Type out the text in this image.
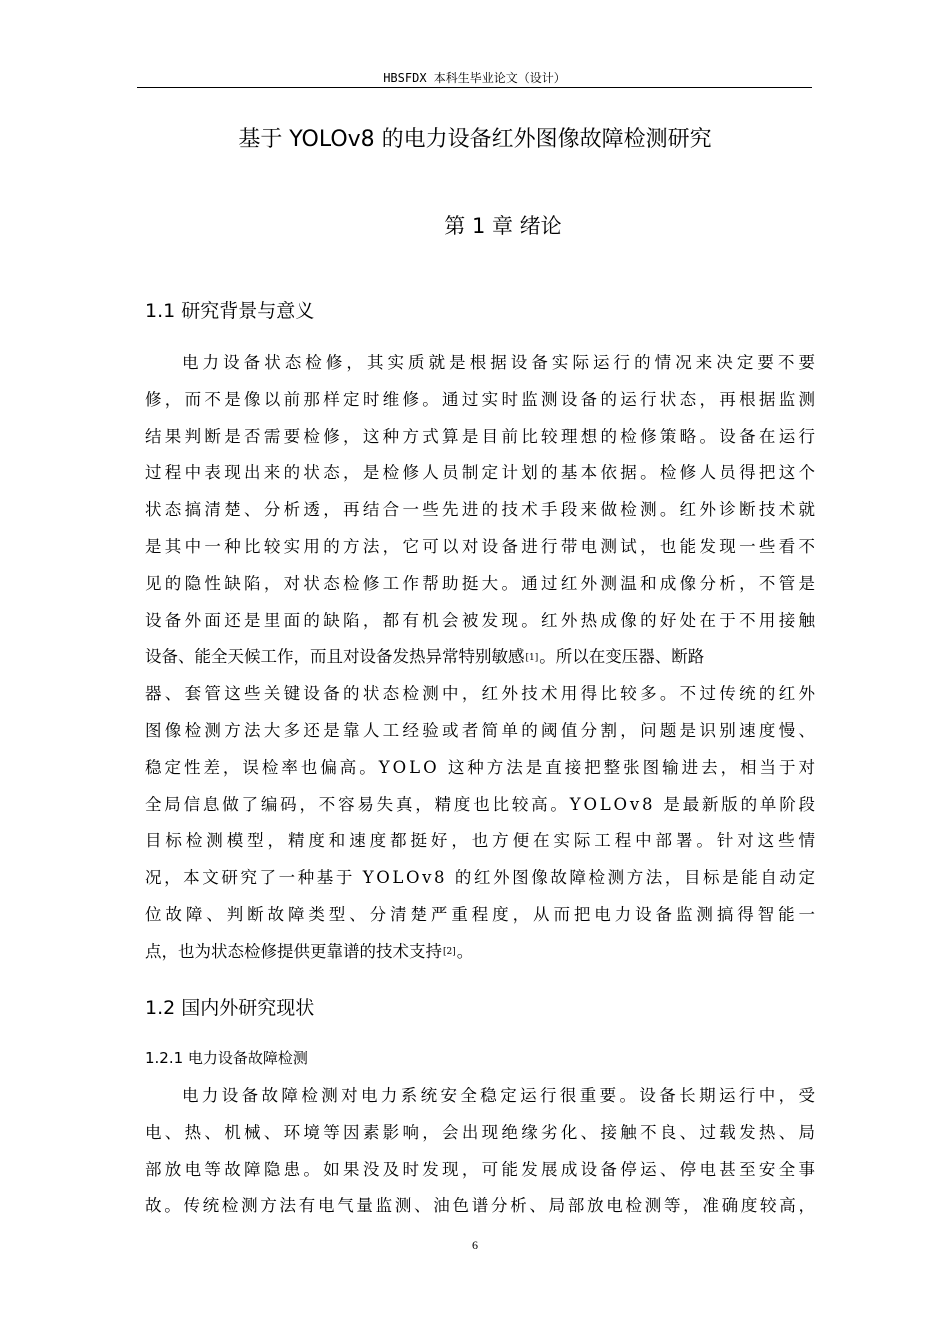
HBSFDX 本科生毕业论文（设计）
基于 YOLOv8 的电力设备红外图像故障检测研究
第 1 章 绪论
1.1 研究背景与意义
电力设备状态检修，其实质就是根据设备实际运行的情况来决定要不要
修，而不是像以前那样定时维修。通过实时监测设备的运行状态，再根据监测
结果判断是否需要检修，这种方式算是目前比较理想的检修策略。设备在运行
过程中表现出来的状态，是检修人员制定计划的基本依据。检修人员得把这个
状态搞清楚、分析透，再结合一些先进的技术手段来做检测。红外诊断技术就
是其中一种比较实用的方法，它可以对设备进行带电测试，也能发现一些看不
见的隐性缺陷，对状态检修工作帮助挺大。通过红外测温和成像分析，不管是
设备外面还是里面的缺陷，都有机会被发现。红外热成像的好处在于不用接触
设备、能全天候工作，而且对设备发热异常特别敏感 [1] 。所以在变压器、断路
器、套管这些关键设备的状态检测中，红外技术用得比较多。不过传统的红外
图像检测方法大多还是靠人工经验或者简单的阈值分割，问题是识别速度慢、
稳定性差，误检率也偏高。YOLO 这种方法是直接把整张图输进去，相当于对
全局信息做了编码，不容易失真，精度也比较高。YOLOv8 是最新版的单阶段
目标检测模型，精度和速度都挺好，也方便在实际工程中部署。针对这些情
况，本文研究了一种基于 YOLOv8 的红外图像故障检测方法，目标是能自动定
位故障、判断故障类型、分清楚严重程度，从而把电力设备监测搞得智能一
点，也为状态检修提供更靠谱的技术支持 [2] 。
1.2 国内外研究现状
1.2.1 电力设备故障检测
电力设备故障检测对电力系统安全稳定运行很重要。设备长期运行中，受
电、热、机械、环境等因素影响，会出现绝缘劣化、接触不良、过载发热、局
部放电等故障隐患。如果没及时发现，可能发展成设备停运、停电甚至安全事
故。传统检测方法有电气量监测、油色谱分析、局部放电检测等，准确度较高，
6
